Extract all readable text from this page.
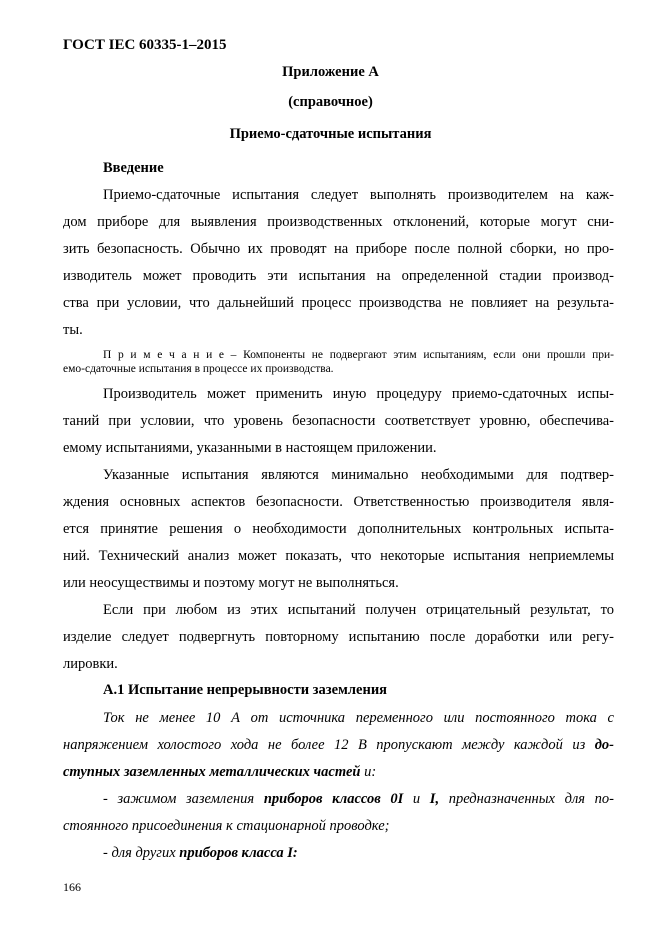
ГОСТ IEC 60335-1–2015
Приложение А
(справочное)
Приемо-сдаточные испытания
Введение
Приемо-сдаточные испытания следует выполнять производителем на каж-
дом приборе для выявления производственных отклонений, которые могут сни-
зить безопасность. Обычно их проводят на приборе после полной сборки, но про-
изводитель может проводить эти испытания на определенной стадии производ-
ства при условии, что дальнейший процесс производства не повлияет на результа-
ты.
П р и м е ч а н и е – Компоненты не подвергают этим испытаниям, если они прошли при-
емо-сдаточные испытания в процессе их производства.
Производитель может применить иную процедуру приемо-сдаточных испы-
таний при условии, что уровень безопасности соответствует уровню, обеспечива-
емому испытаниями, указанными в настоящем приложении.
Указанные испытания являются минимально необходимыми для подтвер-
ждения основных аспектов безопасности. Ответственностью производителя явля-
ется принятие решения о необходимости дополнительных контрольных испыта-
ний. Технический анализ может показать, что некоторые испытания неприемлемы
или неосуществимы и поэтому могут не выполняться.
Если при любом из этих испытаний получен отрицательный результат, то
изделие следует подвергнуть повторному испытанию после доработки или регу-
лировки.
А.1 Испытание непрерывности заземления
Ток не менее 10 А от источника переменного или постоянного тока с
напряжением холостого хода не более 12 В пропускают между каждой из до-
ступных заземленных металлических частей и:
- зажимом заземления приборов классов 0I и I, предназначенных для по-
стоянного присоединения к стационарной проводке;
- для других приборов класса I:
166
